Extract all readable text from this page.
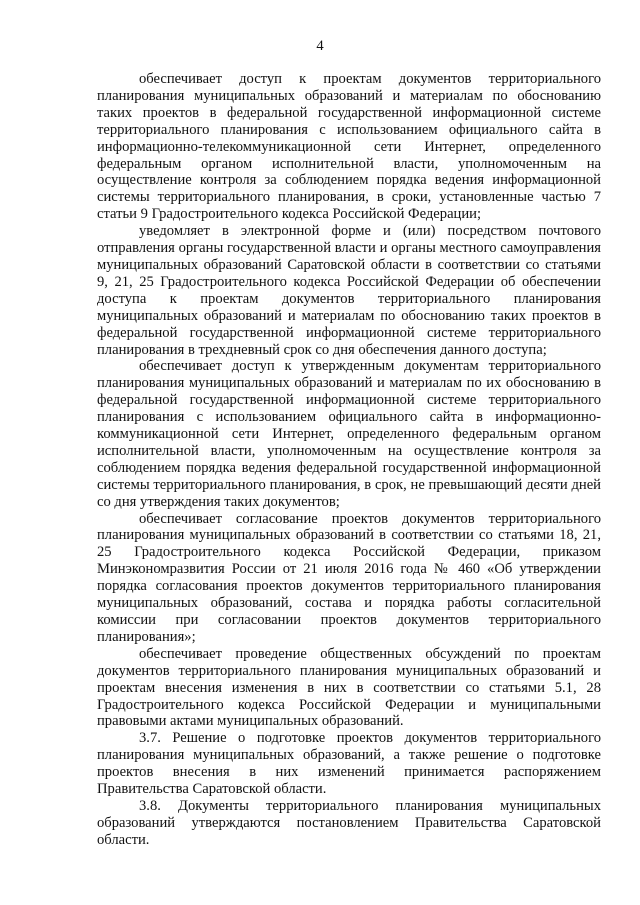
4

обеспечивает доступ к проектам документов территориального планирования муниципальных образований и материалам по обоснованию таких проектов в федеральной государственной информационной системе территориального планирования с использованием официального сайта в информационно-телекоммуникационной сети Интернет, определенного федеральным органом исполнительной власти, уполномоченным на осуществление контроля за соблюдением порядка ведения информационной системы территориального планирования, в сроки, установленные частью 7 статьи 9 Градостроительного кодекса Российской Федерации;

уведомляет в электронной форме и (или) посредством почтового отправления органы государственной власти и органы местного самоуправления муниципальных образований Саратовской области в соответствии со статьями 9, 21, 25 Градостроительного кодекса Российской Федерации об обеспечении доступа к проектам документов территориального планирования муниципальных образований и материалам по обоснованию таких проектов в федеральной государственной информационной системе территориального планирования в трехдневный срок со дня обеспечения данного доступа;

обеспечивает доступ к утвержденным документам территориального планирования муниципальных образований и материалам по их обоснованию в федеральной государственной информационной системе территориального планирования с использованием официального сайта в информационно-коммуникационной сети Интернет, определенного федеральным органом исполнительной власти, уполномоченным на осуществление контроля за соблюдением порядка ведения федеральной государственной информационной системы территориального планирования, в срок, не превышающий десяти дней со дня утверждения таких документов;

обеспечивает согласование проектов документов территориального планирования муниципальных образований в соответствии со статьями 18, 21, 25 Градостроительного кодекса Российской Федерации, приказом Минэкономразвития России от 21 июля 2016 года № 460 «Об утверждении порядка согласования проектов документов территориального планирования муниципальных образований, состава и порядка работы согласительной комиссии при согласовании проектов документов территориального планирования»;

обеспечивает проведение общественных обсуждений по проектам документов территориального планирования муниципальных образований и проектам внесения изменения в них в соответствии со статьями 5.1, 28 Градостроительного кодекса Российской Федерации и муниципальными правовыми актами муниципальных образований.

3.7. Решение о подготовке проектов документов территориального планирования муниципальных образований, а также решение о подготовке проектов внесения в них изменений принимается распоряжением Правительства Саратовской области.

3.8. Документы территориального планирования муниципальных образований утверждаются постановлением Правительства Саратовской области.
